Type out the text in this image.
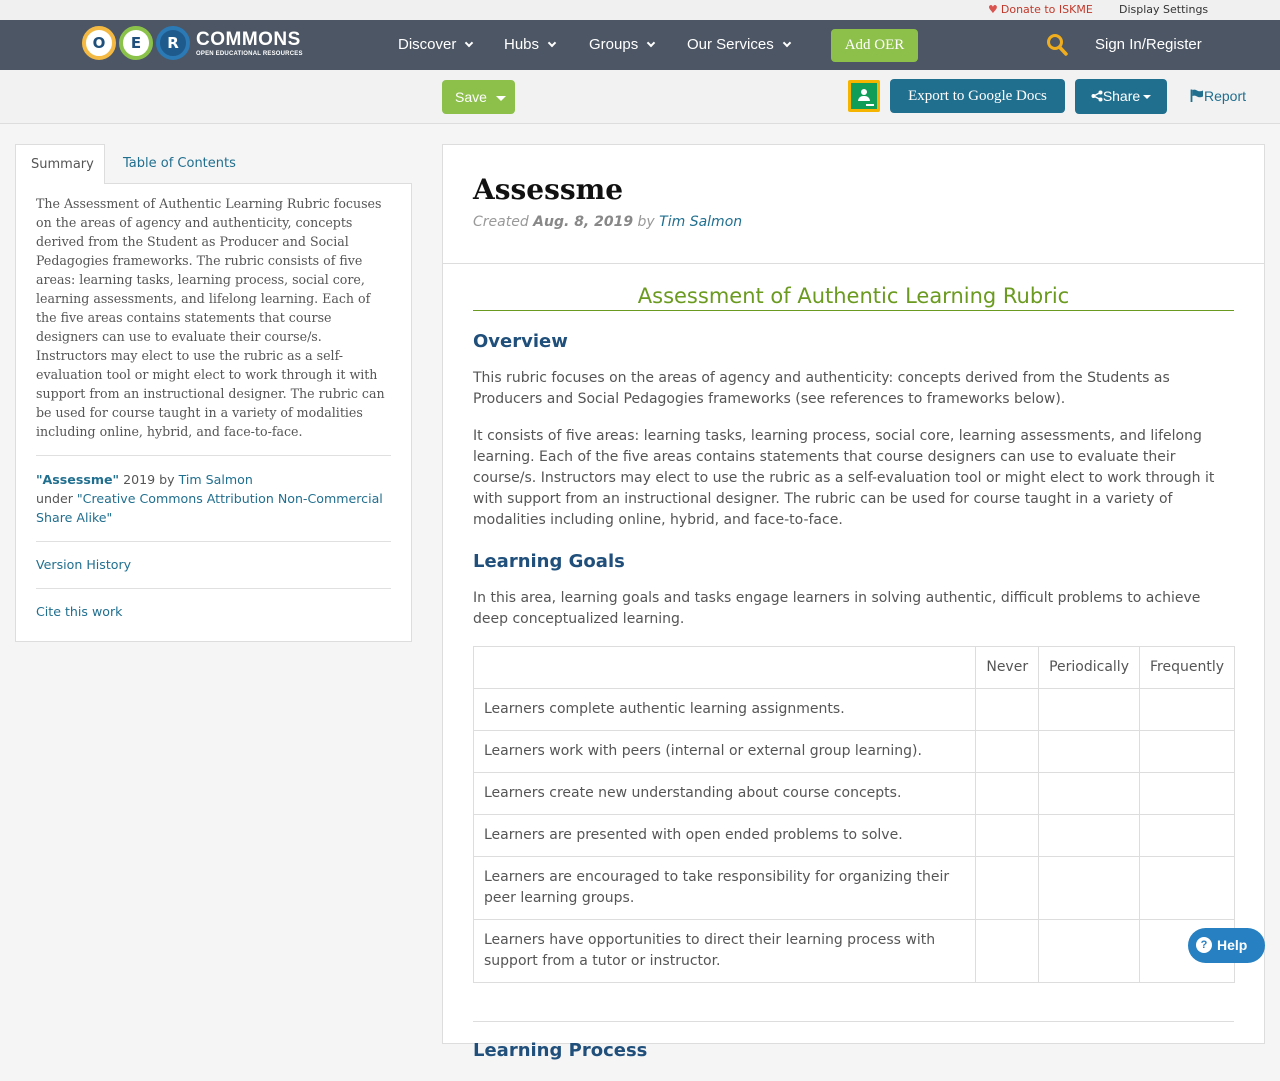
♥ Donate to ISKME Display Settings
O	E	R COMMONS
OPEN EDUCATIONAL RESOURCES
Discover	Hubs	Groups	Our Services	Add OER	Sign In/Register
Save	Export to Google Docs	Share	Report
Summary	Table of Contents

The Assessment of Authentic Learning Rubric focuses on the areas of agency and authenticity, concepts derived from the Student as Producer and Social Pedagogies frameworks. The rubric consists of five areas: learning tasks, learning process, social core, learning assessments, and lifelong learning. Each of the five areas contains statements that course designers can use to evaluate their course/s. Instructors may elect to use the rubric as a self-evaluation tool or might elect to work through it with support from an instructional designer. The rubric can be used for course taught in a variety of modalities including online, hybrid, and face-to-face.

"Assessme" 2019 by Tim Salmon
under "Creative Commons Attribution Non-Commercial Share Alike"
Version History
Cite this work
Assessme
Created Aug. 8, 2019 by Tim Salmon
Assessment of Authentic Learning Rubric
Overview

This rubric focuses on the areas of agency and authenticity: concepts derived from the Students as Producers and Social Pedagogies frameworks (see references to frameworks below).

It consists of five areas: learning tasks, learning process, social core, learning assessments, and lifelong learning. Each of the five areas contains statements that course designers can use to evaluate their course/s. Instructors may elect to use the rubric as a self-evaluation tool or might elect to work through it with support from an instructional designer. The rubric can be used for course taught in a variety of modalities including online, hybrid, and face-to-face.

Learning Goals

In this area, learning goals and tasks engage learners in solving authentic, difficult problems to achieve deep conceptualized learning.

	Never	Periodically	Frequently
Learners complete authentic learning assignments.			
Learners work with peers (internal or external group learning).			
Learners create new understanding about course concepts.			
Learners are presented with open ended problems to solve.			
Learners are encouraged to take responsibility for organizing their peer learning groups.			
Learners have opportunities to direct their learning process with support from a tutor or instructor.			
Learning Process
? Help
